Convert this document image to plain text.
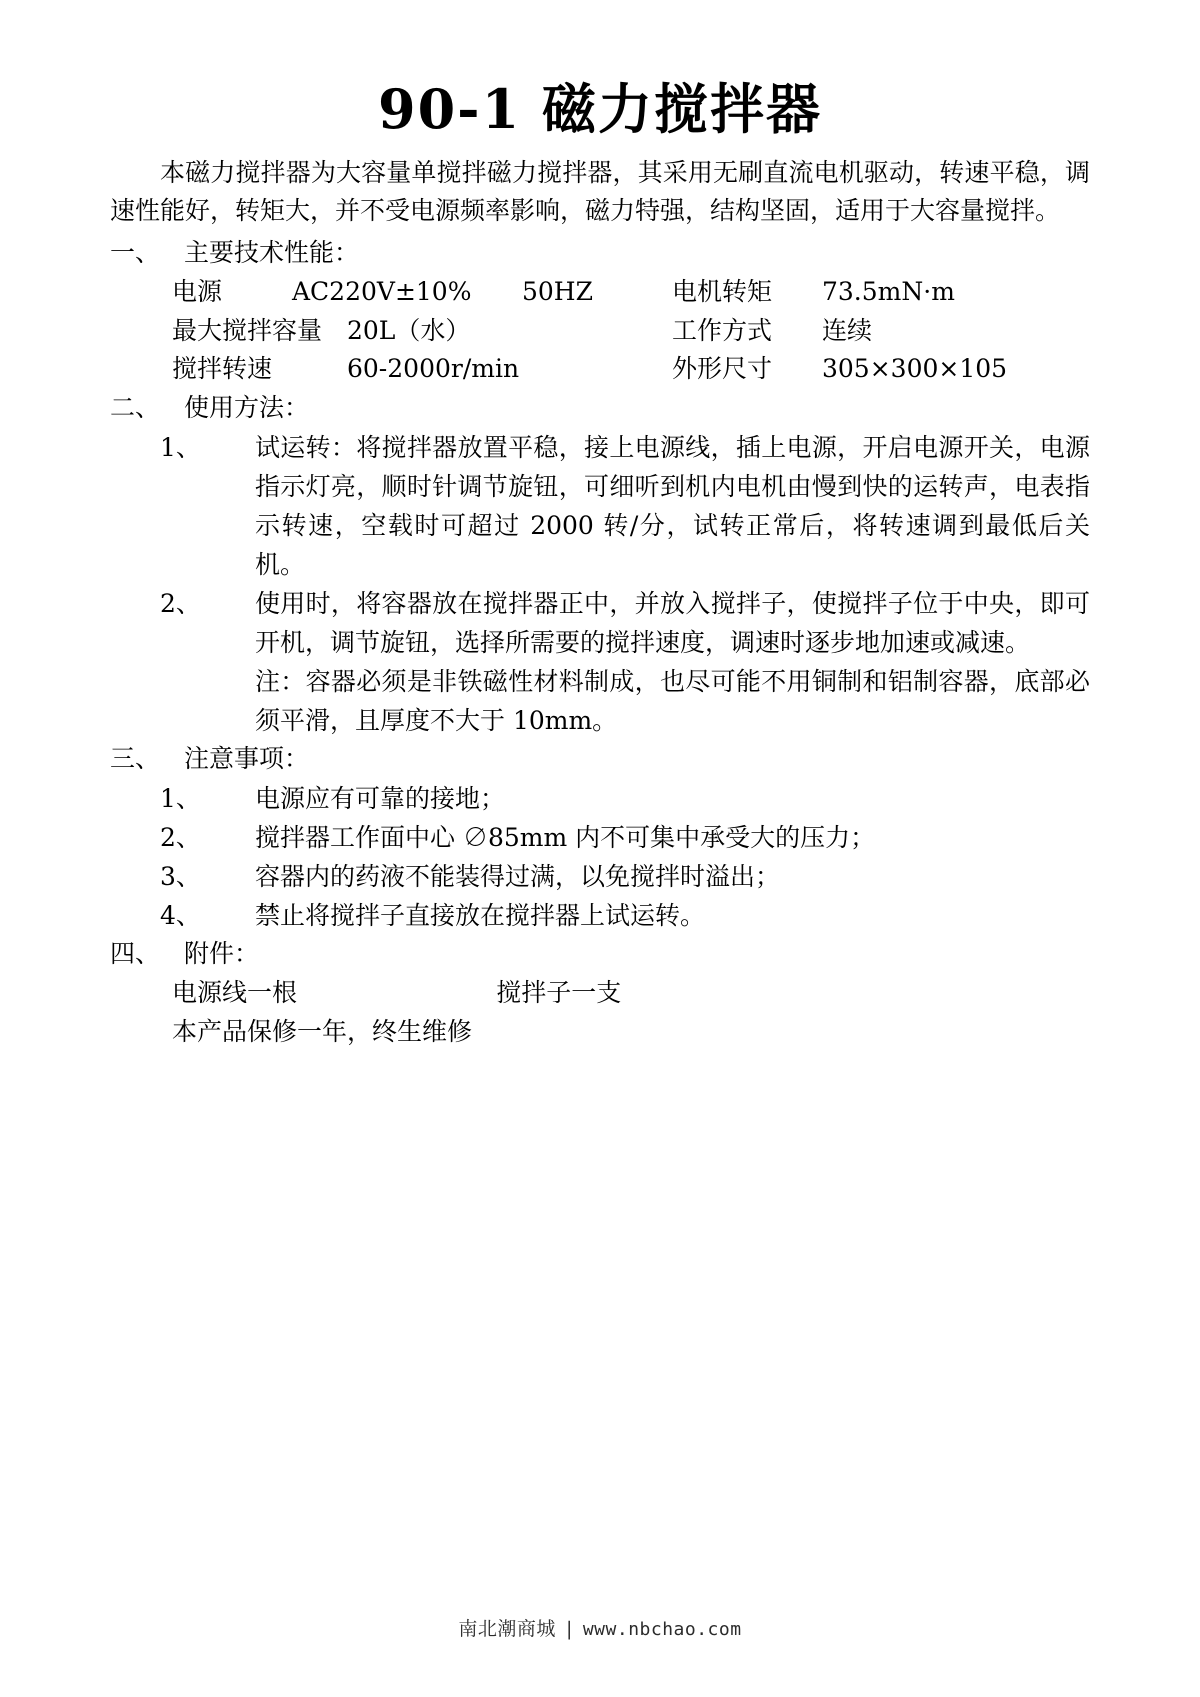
90-1 磁力搅拌器

本磁力搅拌器为大容量单搅拌磁力搅拌器，其采用无刷直流电机驱动，转速平稳，调速性能好，转矩大，并不受电源频率影响，磁力特强，结构坚固，适用于大容量搅拌。

一、 主要技术性能：

电源	AC220V±10%	50HZ	电机转矩	73.5mN·m
最大搅拌容量 20L（水）	工作方式	连续
搅拌转速	60-2000r/min	外形尺寸	305×300×105

二、 使用方法：

1、	试运转：将搅拌器放置平稳，接上电源线，插上电源，开启电源开关，电源指示灯亮，顺时针调节旋钮，可细听到机内电机由慢到快的运转声，电表指示转速，空载时可超过 2000 转/分，试转正常后，将转速调到最低后关机。
2、	使用时，将容器放在搅拌器正中，并放入搅拌子，使搅拌子位于中央，即可开机，调节旋钮，选择所需要的搅拌速度，调速时逐步地加速或减速。

注：容器必须是非铁磁性材料制成，也尽可能不用铜制和铝制容器，底部必须平滑，且厚度不大于 10mm。

三、 注意事项：

1、	电源应有可靠的接地；
2、	搅拌器工作面中心 ∅85mm 内不可集中承受大的压力；
3、	容器内的药液不能装得过满，以免搅拌时溢出；
4、	禁止将搅拌子直接放在搅拌器上试运转。

四、 附件：

电源线一根			搅拌子一支

本产品保修一年，终生维修

南北潮商城 | www.nbchao.com
